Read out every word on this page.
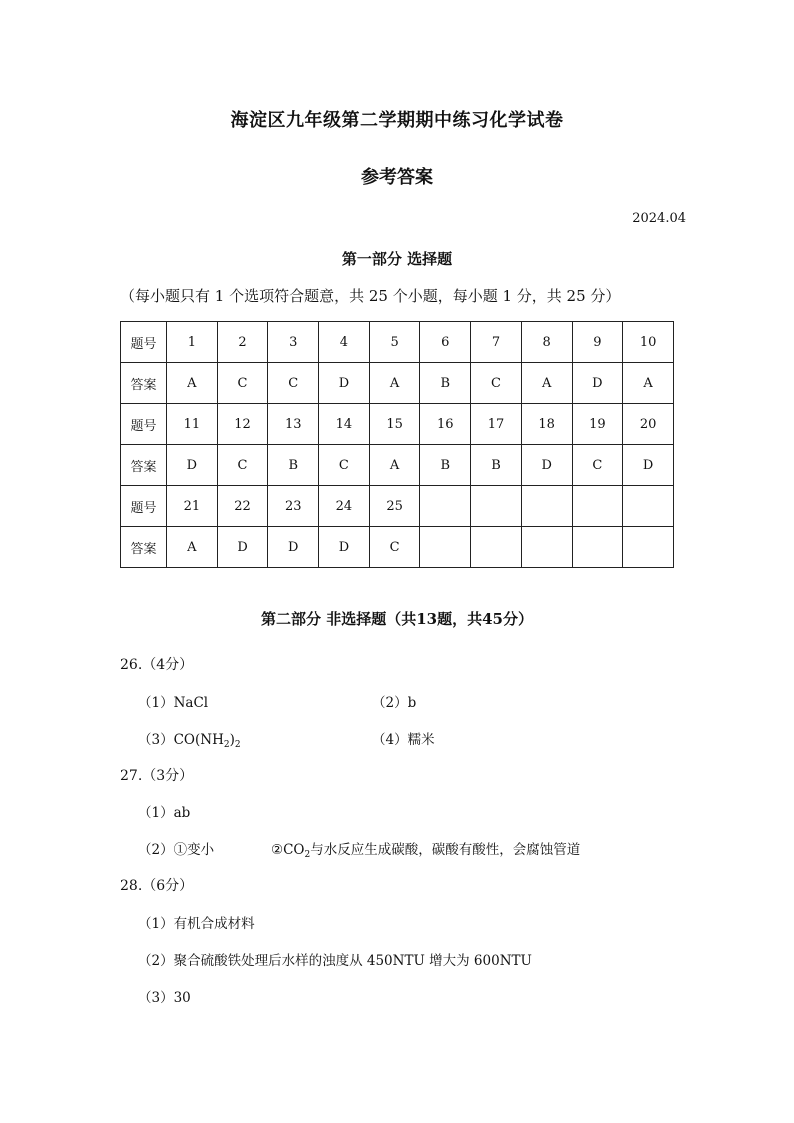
海淀区九年级第二学期期中练习化学试卷
参考答案
2024.04
第一部分 选择题
（每小题只有 1 个选项符合题意，共 25 个小题，每小题 1 分，共 25 分）
题号	1	2	3	4	5	6	7	8	9	10
答案	A	C	C	D	A	B	C	A	D	A
题号	11	12	13	14	15	16	17	18	19	20
答案	D	C	B	C	A	B	B	D	C	D
题号	21	22	23	24	25					
答案	A	D	D	D	C					
第二部分 非选择题（共13题，共45分）
26.（4分）
（1）NaCl	（2）b
$(3)CO(NH_2)_2$	（4）糯米
27.（3分）
（1）ab
（2）①变小	$②CO_2$与水反应生成碳酸，碳酸有酸性，会腐蚀管道
28.（6分）
（1）有机合成材料
（2）聚合硫酸铁处理后水样的浊度从 450NTU 增大为 600NTU
（3）30
